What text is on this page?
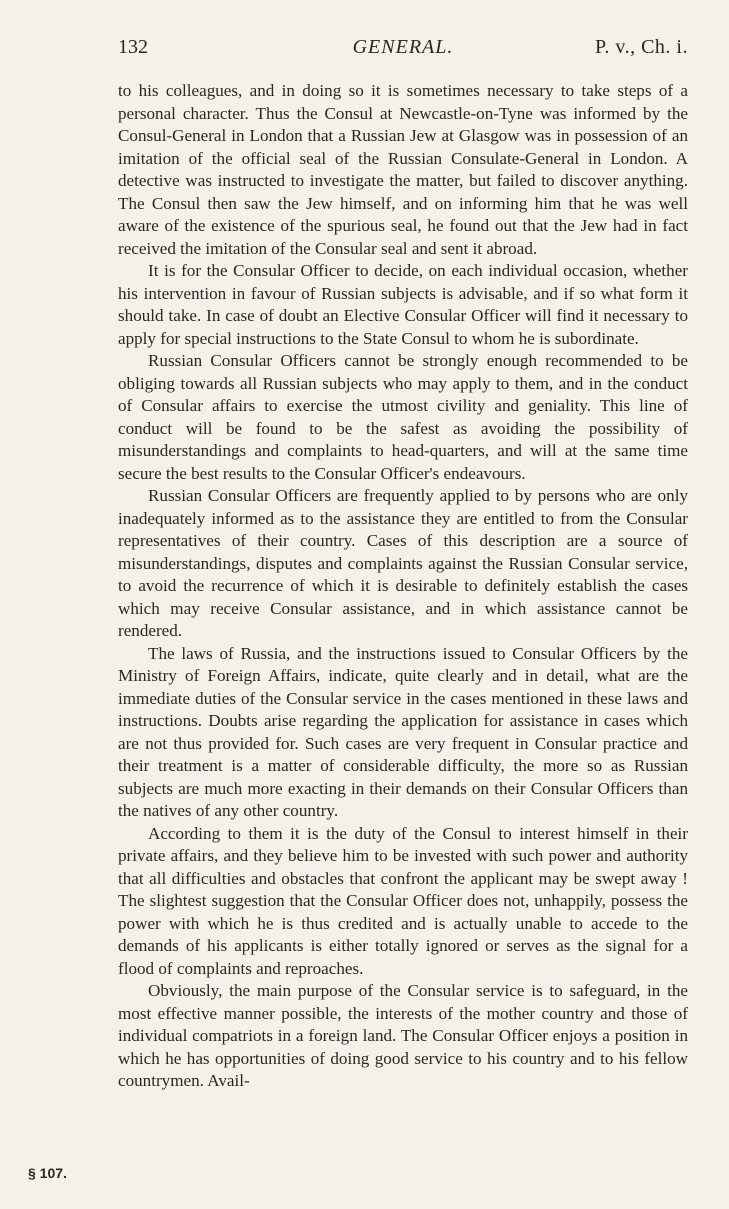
132	GENERAL.	P. v., Ch. i.

to his colleagues, and in doing so it is sometimes necessary to take steps of a personal character. Thus the Consul at Newcastle-on-Tyne was informed by the Consul-General in London that a Russian Jew at Glasgow was in possession of an imitation of the official seal of the Russian Consulate-General in London. A detective was instructed to investigate the matter, but failed to discover anything. The Consul then saw the Jew himself, and on informing him that he was well aware of the existence of the spurious seal, he found out that the Jew had in fact received the imitation of the Consular seal and sent it abroad.

It is for the Consular Officer to decide, on each individual occasion, whether his intervention in favour of Russian subjects is advisable, and if so what form it should take. In case of doubt an Elective Consular Officer will find it necessary to apply for special instructions to the State Consul to whom he is subordinate.

Russian Consular Officers cannot be strongly enough recommended to be obliging towards all Russian subjects who may apply to them, and in the conduct of Consular affairs to exercise the utmost civility and geniality. This line of conduct will be found to be the safest as avoiding the possibility of misunderstandings and complaints to head-quarters, and will at the same time secure the best results to the Consular Officer's endeavours.

Russian Consular Officers are frequently applied to by persons who are only inadequately informed as to the assistance they are entitled to from the Consular representatives of their country. Cases of this description are a source of misunderstandings, disputes and complaints against the Russian Consular service, to avoid the recurrence of which it is desirable to definitely establish the cases which may receive Consular assistance, and in which assistance cannot be rendered.

The laws of Russia, and the instructions issued to Consular Officers by the Ministry of Foreign Affairs, indicate, quite clearly and in detail, what are the immediate duties of the Consular service in the cases mentioned in these laws and instructions. Doubts arise regarding the application for assistance in cases which are not thus provided for. Such cases are very frequent in Consular practice and their treatment is a matter of considerable difficulty, the more so as Russian subjects are much more exacting in their demands on their Consular Officers than the natives of any other country.

According to them it is the duty of the Consul to interest himself in their private affairs, and they believe him to be invested with such power and authority that all difficulties and obstacles that confront the applicant may be swept away ! The slightest suggestion that the Consular Officer does not, unhappily, possess the power with which he is thus credited and is actually unable to accede to the demands of his applicants is either totally ignored or serves as the signal for a flood of complaints and reproaches.

Obviously, the main purpose of the Consular service is to safeguard, in the most effective manner possible, the interests of the mother country and those of individual compatriots in a foreign land. The Consular Officer enjoys a position in which he has opportunities of doing good service to his country and to his fellow countrymen. Avail-

§ 107.
